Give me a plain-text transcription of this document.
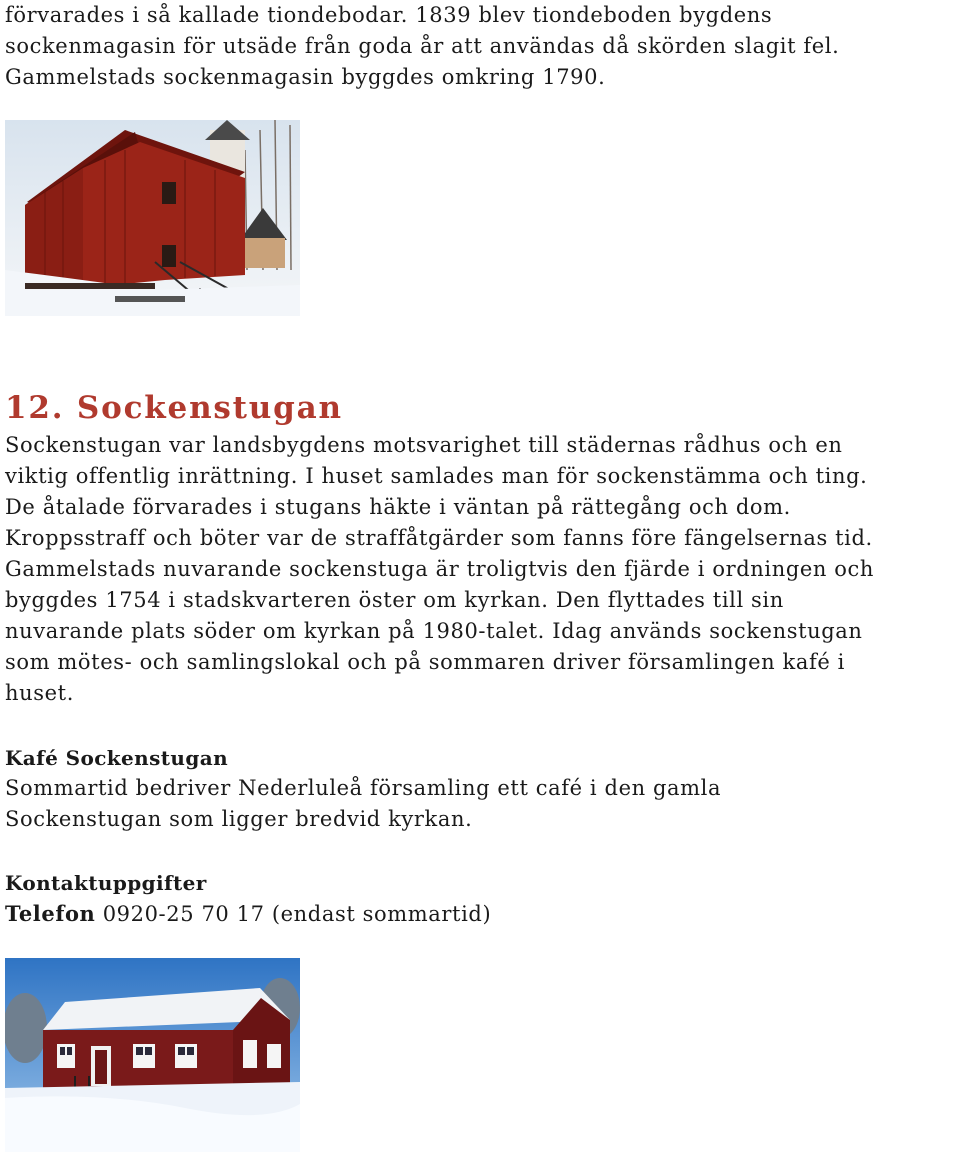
förvarades i så kallade tiondebodar. 1839 blev tiondeboden bygdens

sockenmagasin för utsäde från goda år att användas då skörden slagit fel.

Gammelstads sockenmagasin byggdes omkring 1790.

12. Sockenstugan

Sockenstugan var landsbygdens motsvarighet till städernas rådhus och en

viktig offentlig inrättning. I huset samlades man för sockenstämma och ting.

De åtalade förvarades i stugans häkte i väntan på rättegång och dom.

Kroppsstraff och böter var de straffåtgärder som fanns före fängelsernas tid.

Gammelstads nuvarande sockenstuga är troligtvis den fjärde i ordningen och

byggdes 1754 i stadskvarteren öster om kyrkan. Den flyttades till sin

nuvarande plats söder om kyrkan på 1980-talet. Idag används sockenstugan

som mötes- och samlingslokal och på sommaren driver församlingen kafé i

huset.

Kafé Sockenstugan

Sommartid bedriver Nederluleå församling ett café i den gamla

Sockenstugan som ligger bredvid kyrkan.

Kontaktuppgifter

Telefon 0920-25 70 17 (endast sommartid)
